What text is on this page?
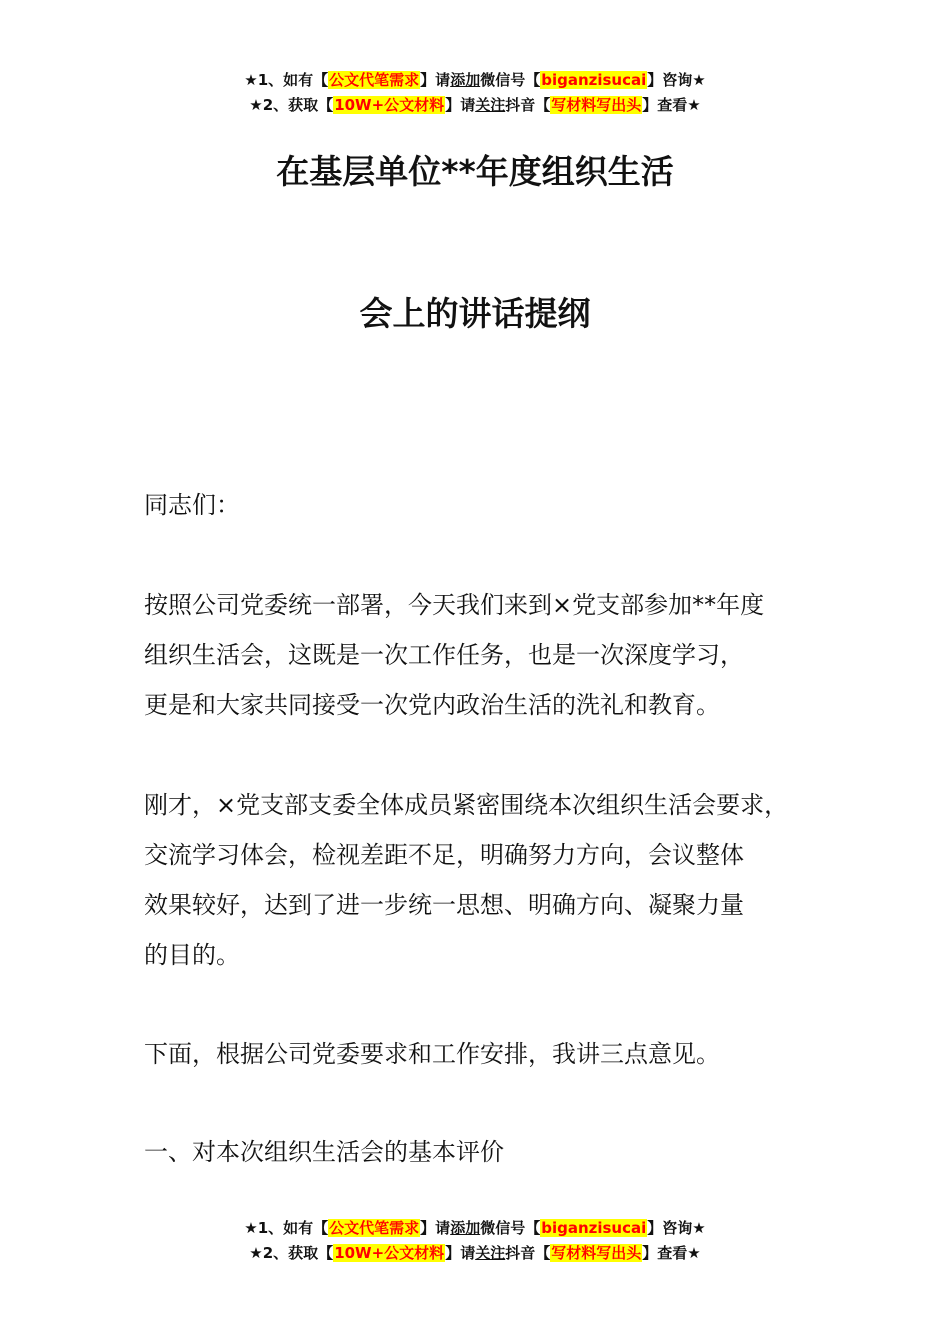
★1、如有【公文代笔需求】请添加微信号【biganzisucai】咨询★
★2、获取【10W+公文材料】请关注抖音【写材料写出头】查看★
在基层单位**年度组织生活
会上的讲话提纲
同志们：
按照公司党委统一部署，今天我们来到×党支部参加**年度
组织生活会，这既是一次工作任务，也是一次深度学习，
更是和大家共同接受一次党内政治生活的洗礼和教育。
刚才，×党支部支委全体成员紧密围绕本次组织生活会要求，
交流学习体会，检视差距不足，明确努力方向，会议整体
效果较好，达到了进一步统一思想、明确方向、凝聚力量
的目的。
下面，根据公司党委要求和工作安排，我讲三点意见。
一、对本次组织生活会的基本评价
★1、如有【公文代笔需求】请添加微信号【biganzisucai】咨询★
★2、获取【10W+公文材料】请关注抖音【写材料写出头】查看★
